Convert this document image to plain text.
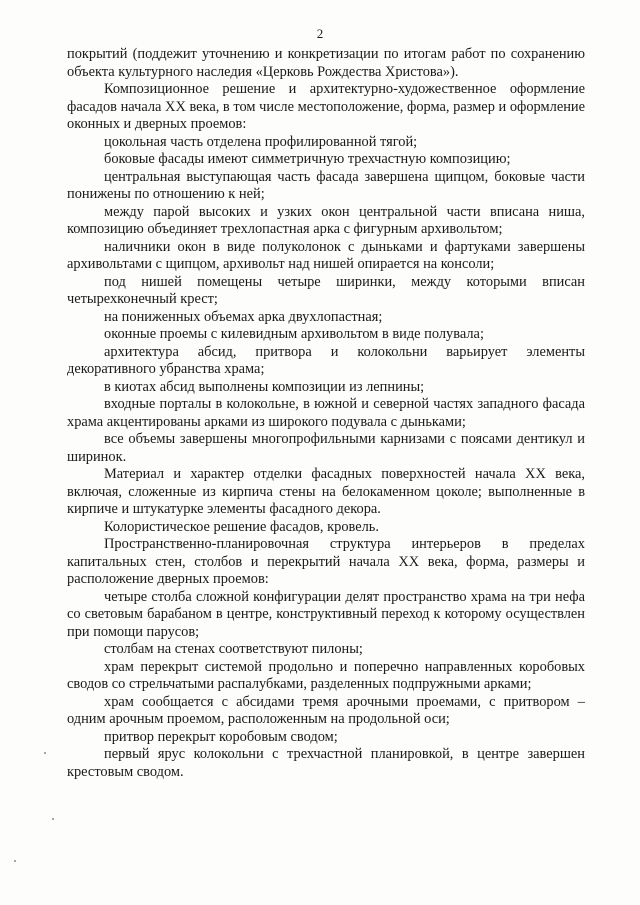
2

покрытий (поддежит уточнению и конкретизации по итогам работ по сохранению объекта культурного наследия «Церковь Рождества Христова»).

Композиционное решение и архитектурно-художественное оформление фасадов начала XX века, в том числе местоположение, форма, размер и оформление оконных и дверных проемов:

цокольная часть отделена профилированной тягой;

боковые фасады имеют симметричную трехчастную композицию;

центральная выступающая часть фасада завершена щипцом, боковые части понижены по отношению к ней;

между парой высоких и узких окон центральной части вписана ниша, композицию объединяет трехлопастная арка с фигурным архивольтом;

наличники окон в виде полуколонок с дыньками и фартуками завершены архивольтами с щипцом, архивольт над нишей опирается на консоли;

под нишей помещены четыре ширинки, между которыми вписан четырехконечный крест;

на пониженных объемах арка двухлопастная;

оконные проемы с килевидным архивольтом в виде полувала;

архитектура абсид, притвора и колокольни варьирует элементы декоративного убранства храма;

в киотах абсид выполнены композиции из лепнины;

входные порталы в колокольне, в южной и северной частях западного фасада храма акцентированы арками из широкого подувала с дыньками;

все объемы завершены многопрофильными карнизами с поясами дентикул и ширинок.

Материал и характер отделки фасадных поверхностей начала XX века, включая, сложенные из кирпича стены на белокаменном цоколе; выполненные в кирпиче и штукатурке элементы фасадного декора.

Колористическое решение фасадов, кровель.

Пространственно-планировочная структура интерьеров в пределах капитальных стен, столбов и перекрытий начала XX века, форма, размеры и расположение дверных проемов:

четыре столба сложной конфигурации делят пространство храма на три нефа со световым барабаном в центре, конструктивный переход к которому осуществлен при помощи парусов;

столбам на стенах соответствуют пилоны;

храм перекрыт системой продольно и поперечно направленных коробовых сводов со стрельчатыми распалубками, разделенных подпружными арками;

храм сообщается с абсидами тремя арочными проемами, с притвором – одним арочным проемом, расположенным на продольной оси;

притвор перекрыт коробовым сводом;

первый ярус колокольни с трехчастной планировкой, в центре завершен крестовым сводом.
